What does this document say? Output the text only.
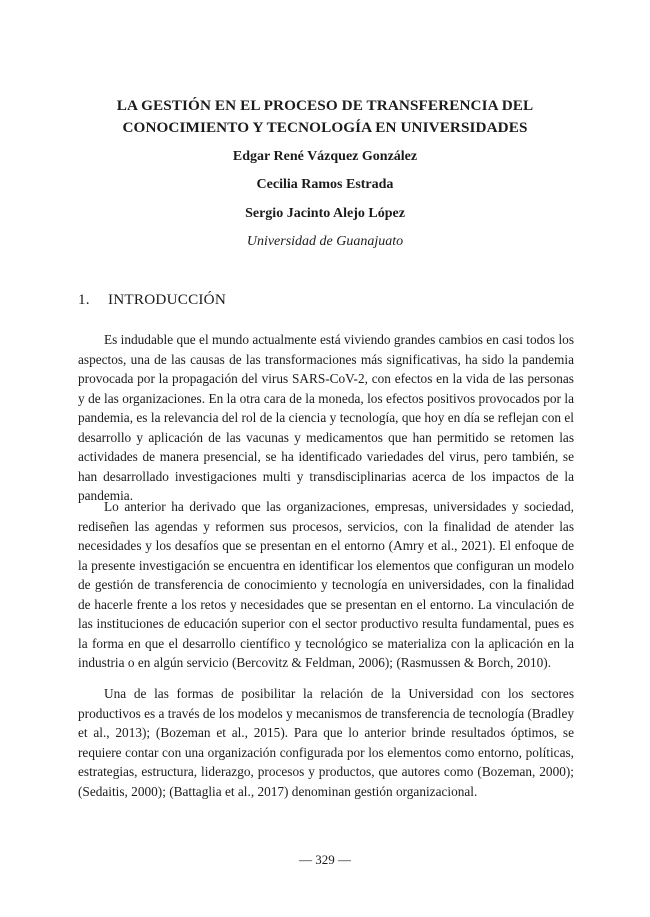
LA GESTIÓN EN EL PROCESO DE TRANSFERENCIA DEL
CONOCIMIENTO Y TECNOLOGÍA EN UNIVERSIDADES
Edgar René Vázquez González
Cecilia Ramos Estrada
Sergio Jacinto Alejo López
Universidad de Guanajuato
1. INTRODUCCIÓN

Es indudable que el mundo actualmente está viviendo grandes cambios en casi todos los aspectos, una de las causas de las transformaciones más significativas, ha sido la pandemia provocada por la propagación del virus SARS-CoV-2, con efectos en la vida de las personas y de las organizaciones. En la otra cara de la moneda, los efectos positivos provocados por la pandemia, es la relevancia del rol de la ciencia y tecnología, que hoy en día se reflejan con el desarrollo y aplicación de las vacunas y medicamentos que han permitido se retomen las actividades de manera presencial, se ha identificado variedades del virus, pero también, se han desarrollado investigaciones multi y transdisciplinarias acerca de los impactos de la pandemia.

Lo anterior ha derivado que las organizaciones, empresas, universidades y sociedad, rediseñen las agendas y reformen sus procesos, servicios, con la finalidad de atender las necesidades y los desafíos que se presentan en el entorno (Amry et al., 2021). El enfoque de la presente investigación se encuentra en identificar los elementos que configuran un modelo de gestión de transferencia de conocimiento y tecnología en universidades, con la finalidad de hacerle frente a los retos y necesidades que se presentan en el entorno. La vinculación de las instituciones de educación superior con el sector productivo resulta fundamental, pues es la forma en que el desarrollo científico y tecnológico se materializa con la aplicación en la industria o en algún servicio (Bercovitz & Feldman, 2006); (Rasmussen & Borch, 2010).

Una de las formas de posibilitar la relación de la Universidad con los sectores productivos es a través de los modelos y mecanismos de transferencia de tecnología (Bradley et al., 2013); (Bozeman et al., 2015). Para que lo anterior brinde resultados óptimos, se requiere contar con una organización configurada por los elementos como entorno, políticas, estrategias, estructura, liderazgo, procesos y productos, que autores como (Bozeman, 2000); (Sedaitis, 2000); (Battaglia et al., 2017) denominan gestión organizacional.

— 329 —
